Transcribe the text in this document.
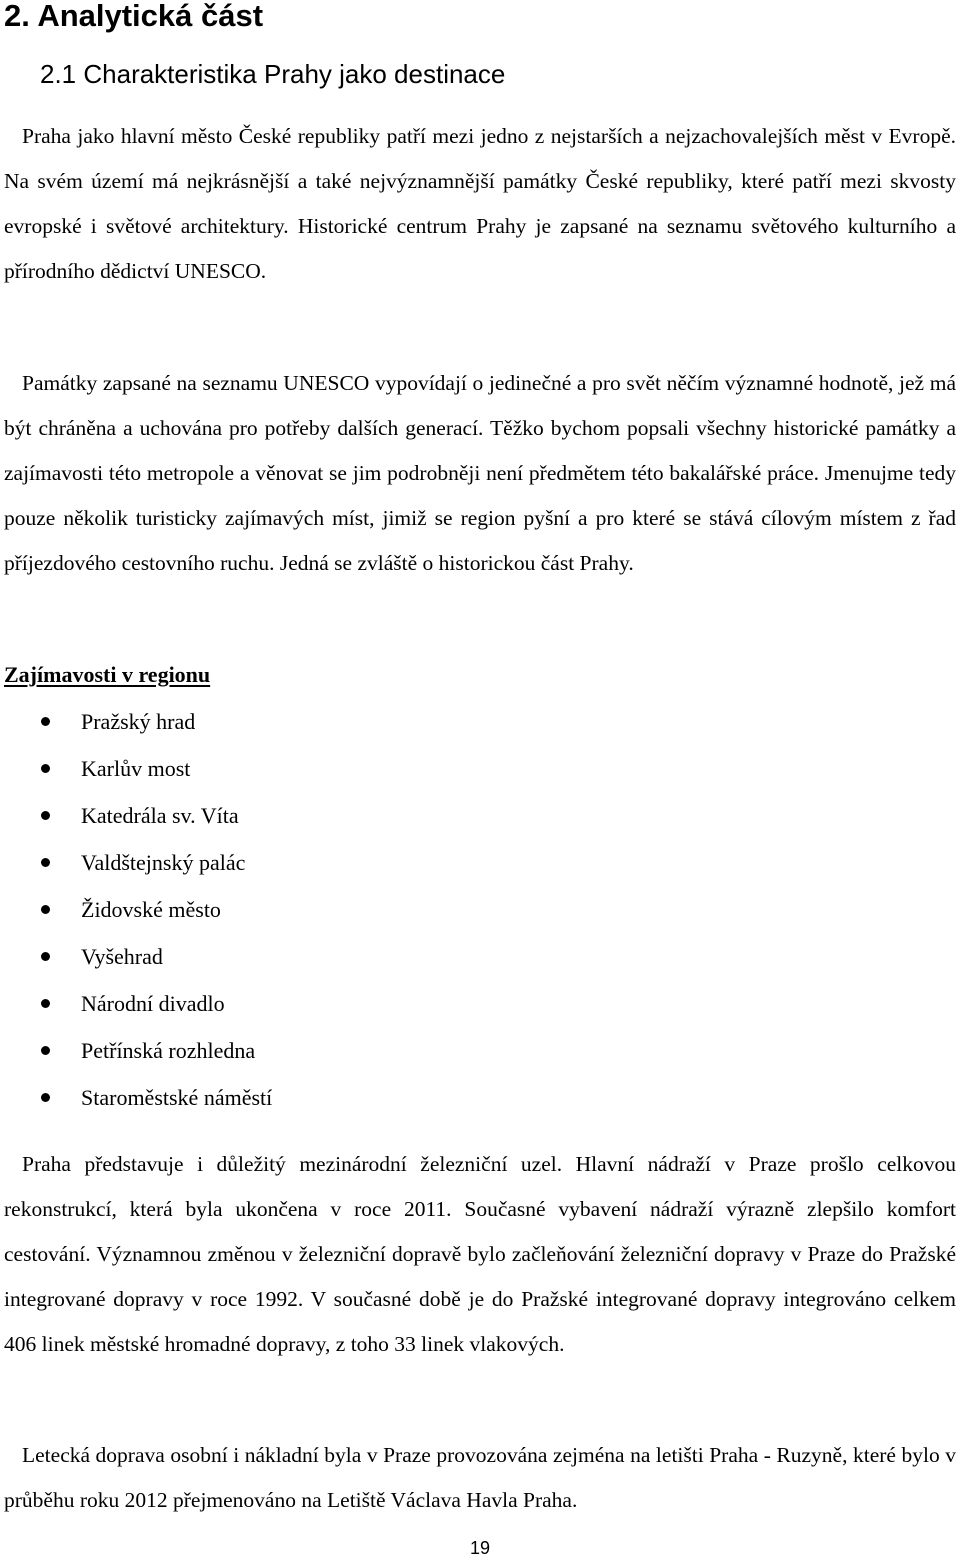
2. Analytická část
2.1 Charakteristika Prahy jako destinace

Praha jako hlavní město České republiky patří mezi jedno z nejstarších a nejzachovalejších měst v Evropě. Na svém území má nejkrásnější a také nejvýznamnější památky České republiky, které patří mezi skvosty evropské i světové architektury. Historické centrum Prahy je zapsané na seznamu světového kulturního a přírodního dědictví UNESCO.

Památky zapsané na seznamu UNESCO vypovídají o jedinečné a pro svět něčím významné hodnotě, jež má být chráněna a uchována pro potřeby dalších generací. Těžko bychom popsali všechny historické památky a zajímavosti této metropole a věnovat se jim podrobněji není předmětem této bakalářské práce. Jmenujme tedy pouze několik turisticky zajímavých míst, jimiž se region pyšní a pro které se stává cílovým místem z řad příjezdového cestovního ruchu. Jedná se zvláště o historickou část Prahy.

Zajímavosti v regionu
Pražský hrad
Karlův most
Katedrála sv. Víta
Valdštejnský palác
Židovské město
Vyšehrad
Národní divadlo
Petřínská rozhledna
Staroměstské náměstí

Praha představuje i důležitý mezinárodní železniční uzel. Hlavní nádraží v Praze prošlo celkovou rekonstrukcí, která byla ukončena v roce 2011. Současné vybavení nádraží výrazně zlepšilo komfort cestování. Významnou změnou v železniční dopravě bylo začleňování železniční dopravy v Praze do Pražské integrované dopravy v roce 1992. V současné době je do Pražské integrované dopravy integrováno celkem 406 linek městské hromadné dopravy, z toho 33 linek vlakových.

Letecká doprava osobní i nákladní byla v Praze provozována zejména na letišti Praha - Ruzyně, které bylo v průběhu roku 2012 přejmenováno na Letiště Václava Havla Praha.

19
